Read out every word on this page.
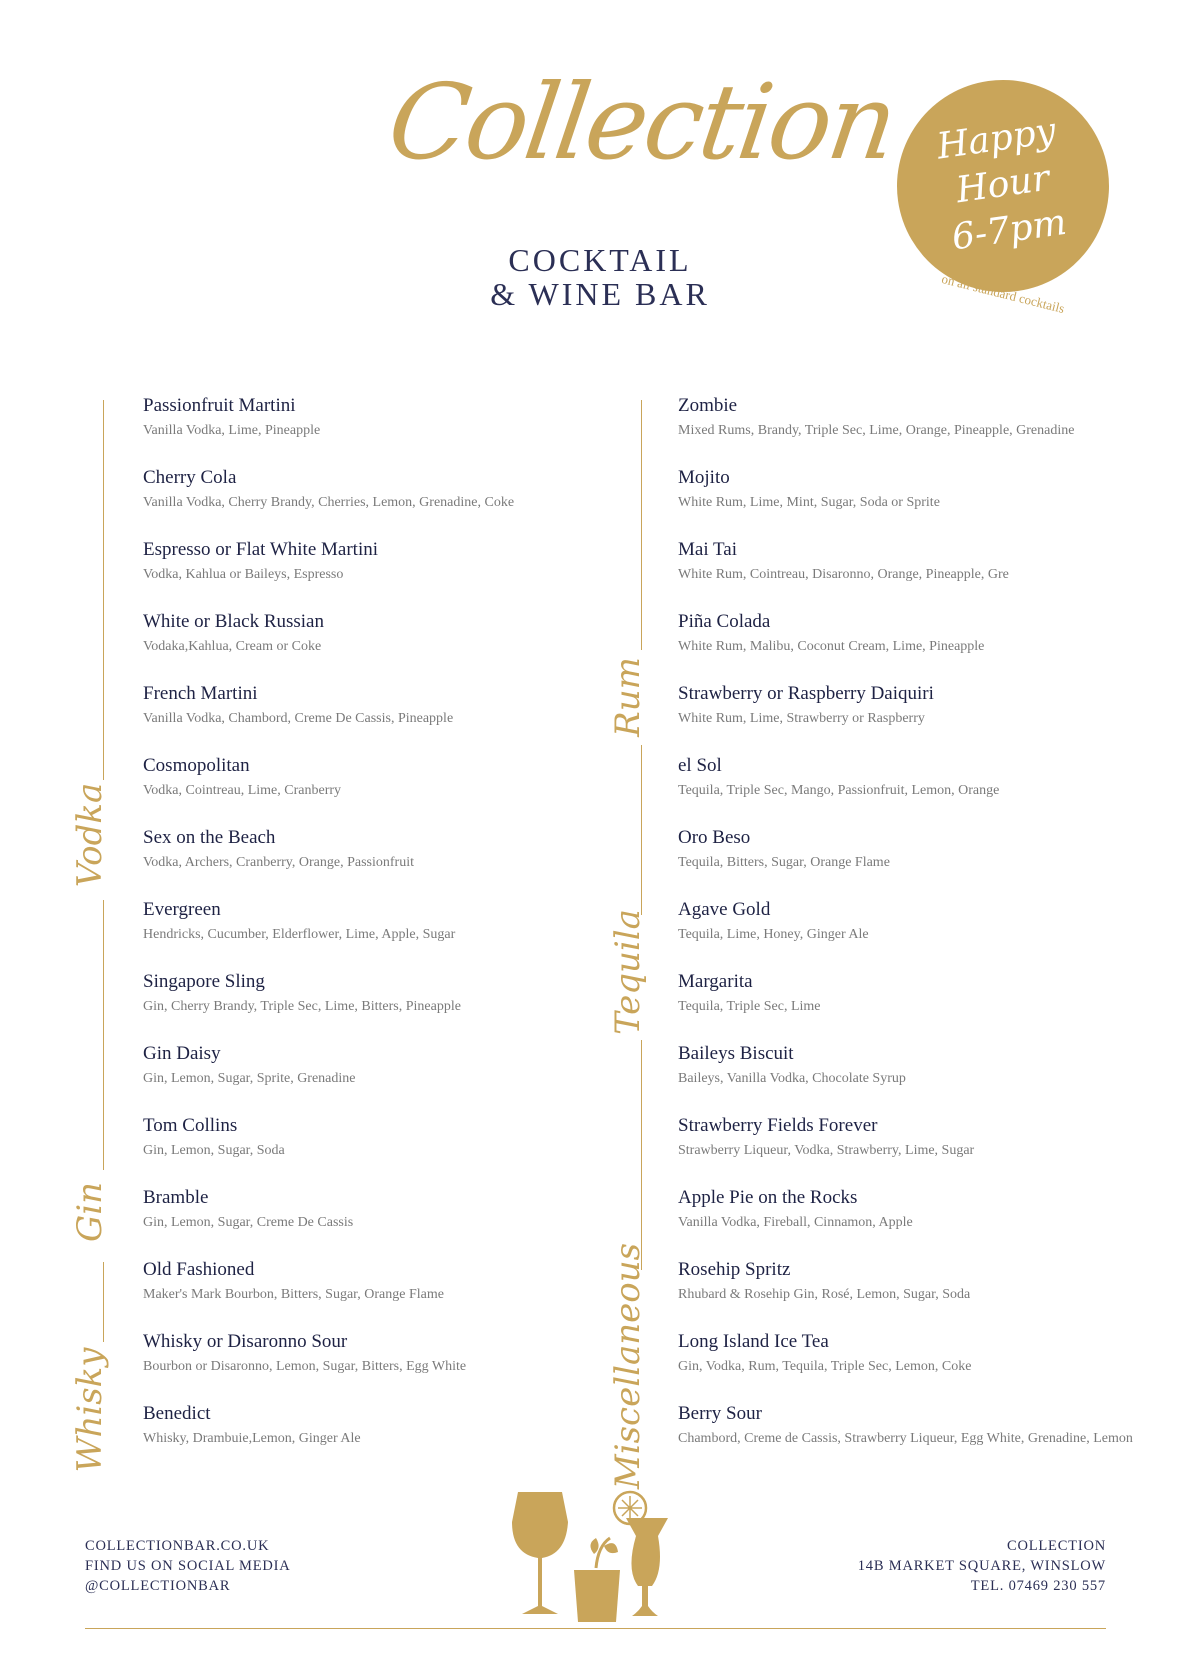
Collection
COCKTAIL
& WINE BAR
Happy
Hour
6-7pm
on all standard cocktails
Vodka
Gin
Whisky
Rum
Tequila
Miscellaneous
Passionfruit Martini
Vanilla Vodka, Lime, Pineapple
Cherry Cola
Vanilla Vodka, Cherry Brandy, Cherries, Lemon, Grenadine, Coke
Espresso or Flat White Martini
Vodka, Kahlua or Baileys, Espresso
White or Black Russian
Vodaka,Kahlua, Cream or Coke
French Martini
Vanilla Vodka, Chambord, Creme De Cassis, Pineapple
Cosmopolitan
Vodka, Cointreau, Lime, Cranberry
Sex on the Beach
Vodka, Archers, Cranberry, Orange, Passionfruit
Evergreen
Hendricks, Cucumber, Elderflower, Lime, Apple, Sugar
Singapore Sling
Gin, Cherry Brandy, Triple Sec, Lime, Bitters, Pineapple
Gin Daisy
Gin, Lemon, Sugar, Sprite, Grenadine
Tom Collins
Gin, Lemon, Sugar, Soda
Bramble
Gin, Lemon, Sugar, Creme De Cassis
Old Fashioned
Maker's Mark Bourbon, Bitters, Sugar, Orange Flame
Whisky or Disaronno Sour
Bourbon or Disaronno, Lemon, Sugar, Bitters, Egg White
Benedict
Whisky, Drambuie,Lemon, Ginger Ale
Zombie
Mixed Rums, Brandy, Triple Sec, Lime, Orange, Pineapple, Grenadine
Mojito
White Rum, Lime, Mint, Sugar, Soda or Sprite
Mai Tai
White Rum, Cointreau, Disaronno, Orange, Pineapple, Gre
Piña Colada
White Rum, Malibu, Coconut Cream, Lime, Pineapple
Strawberry or Raspberry Daiquiri
White Rum, Lime, Strawberry or Raspberry
el Sol
Tequila, Triple Sec, Mango, Passionfruit, Lemon, Orange
Oro Beso
Tequila, Bitters, Sugar, Orange Flame
Agave Gold
Tequila, Lime, Honey, Ginger Ale
Margarita
Tequila, Triple Sec, Lime
Baileys Biscuit
Baileys, Vanilla Vodka, Chocolate Syrup
Strawberry Fields Forever
Strawberry Liqueur, Vodka, Strawberry, Lime, Sugar
Apple Pie on the Rocks
Vanilla Vodka, Fireball, Cinnamon, Apple
Rosehip Spritz
Rhubard & Rosehip Gin, Rosé, Lemon, Sugar, Soda
Long Island Ice Tea
Gin, Vodka, Rum, Tequila, Triple Sec, Lemon, Coke
Berry Sour
Chambord, Creme de Cassis, Strawberry Liqueur, Egg White, Grenadine, Lemon
COLLECTIONBAR.CO.UK
FIND US ON SOCIAL MEDIA
@COLLECTIONBAR
COLLECTION
14B MARKET SQUARE, WINSLOW
TEL. 07469 230 557
